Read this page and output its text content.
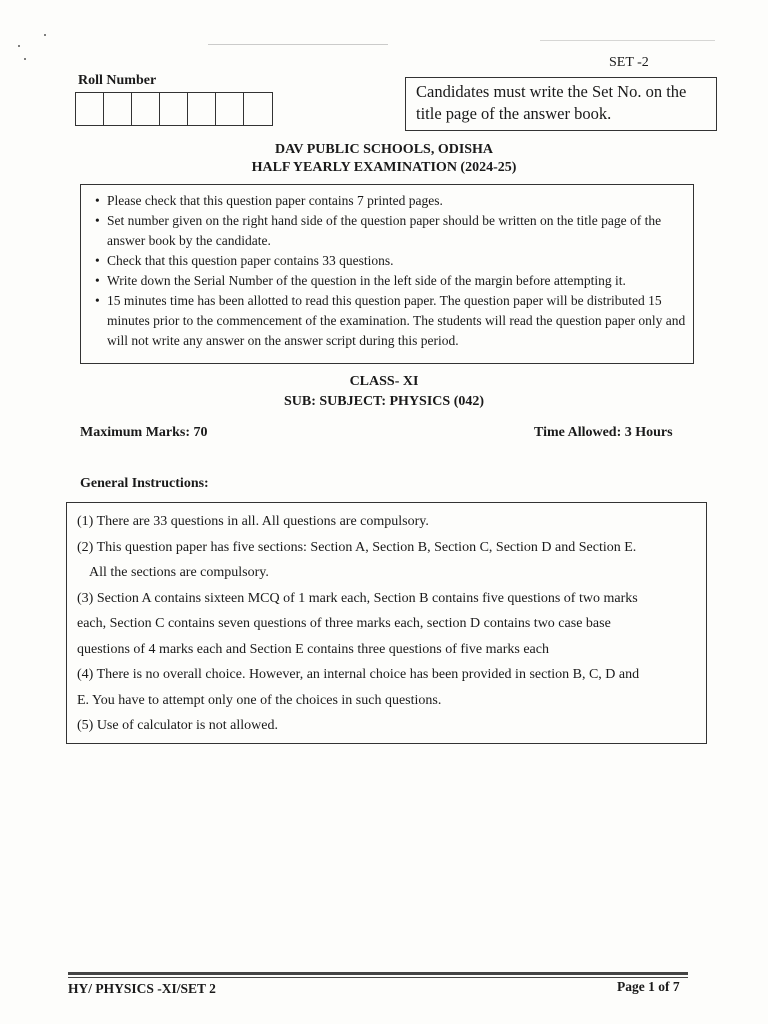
SET -2
Roll Number
Candidates must write the Set No. on the
title page of the answer book.
DAV PUBLIC SCHOOLS, ODISHA
HALF YEARLY EXAMINATION (2024-25)
• Please check that this question paper contains 7 printed pages.
• Set number given on the right hand side of the question paper should be written on the title page of the answer book by the candidate.
• Check that this question paper contains 33 questions.
• Write down the Serial Number of the question in the left side of the margin before attempting it.
• 15 minutes time has been allotted to read this question paper. The question paper will be distributed 15 minutes prior to the commencement of the examination. The students will read the question paper only and will not write any answer on the answer script during this period.
CLASS- XI
SUB: SUBJECT: PHYSICS (042)
Maximum Marks: 70	Time Allowed: 3 Hours
General Instructions:

(1) There are 33 questions in all. All questions are compulsory.

(2) This question paper has five sections: Section A, Section B, Section C, Section D and Section E.

All the sections are compulsory.

(3) Section A contains sixteen MCQ of 1 mark each, Section B contains five questions of two marks

each, Section C contains seven questions of three marks each, section D contains two case base

questions of 4 marks each and Section E contains three questions of five marks each

(4) There is no overall choice. However, an internal choice has been provided in section B, C, D and

E. You have to attempt only one of the choices in such questions.

(5) Use of calculator is not allowed.

HY/ PHYSICS -XI/SET 2	Page 1 of 7
